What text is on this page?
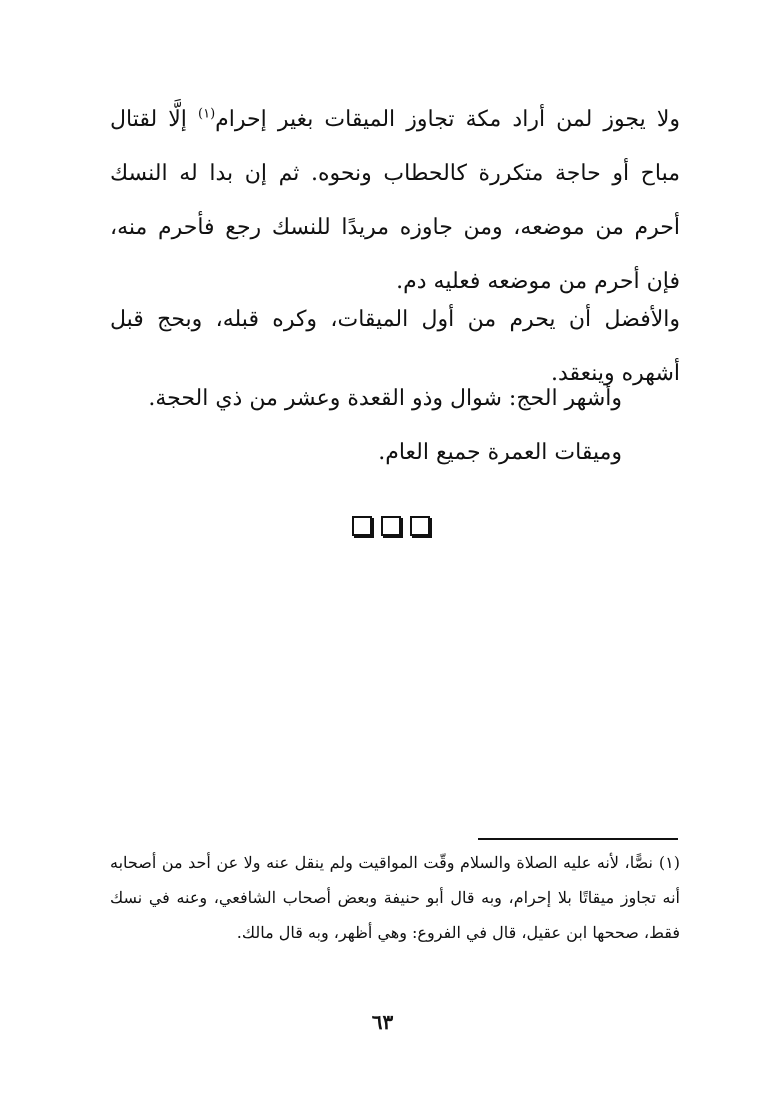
ولا يجوز لمن أراد مكة تجاوز الميقات بغير إحرام$^{(١)}$ إلَّا لقتال مباح أو حاجة متكررة كالحطاب ونحوه. ثم إن بدا له النسك أحرم من موضعه، ومن جاوزه مريدًا للنسك رجع فأحرم منه، فإن أحرم من موضعه فعليه دم.

والأفضل أن يحرم من أول الميقات، وكره قبله، وبحج قبل أشهره وينعقد.

وأشهر الحج: شوال وذو القعدة وعشر من ذي الحجة.
وميقات العمرة جميع العام.
(١)نصًّا، لأنه عليه الصلاة والسلام وقّت المواقيت ولم ينقل عنه ولا عن أحد من أصحابه أنه تجاوز ميقاتًا بلا إحرام، وبه قال أبو حنيفة وبعض أصحاب الشافعي، وعنه في نسك فقط، صححها ابن عقيل، قال في الفروع: وهي أظهر، وبه قال مالك.
٦٣
